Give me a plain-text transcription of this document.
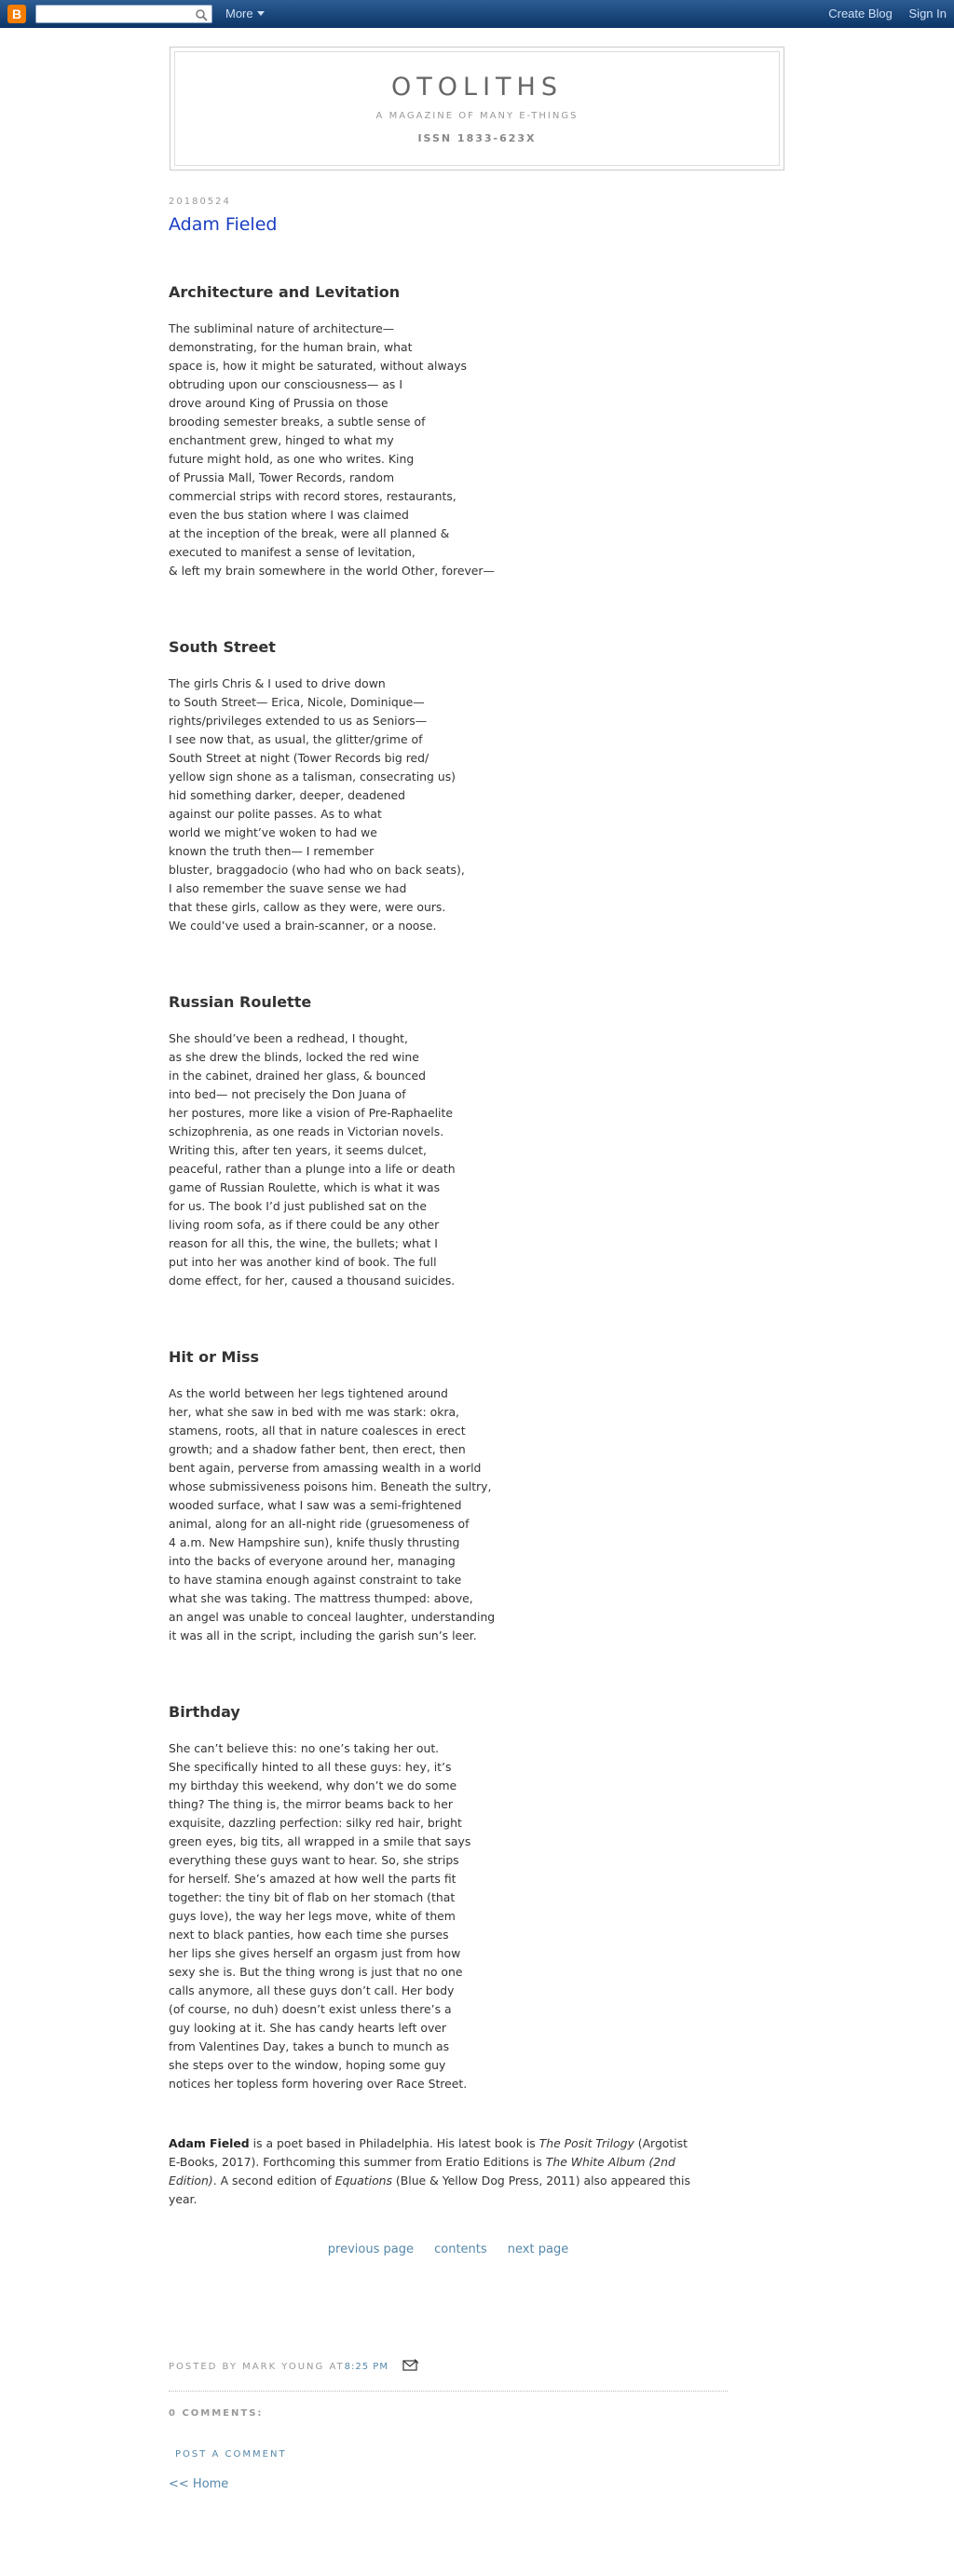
B	More	Create Blog Sign In
OTOLITHS
A MAGAZINE OF MANY E-THINGS
ISSN 1833-623X
20180524
Adam Fieled
Architecture and Levitation
The subliminal nature of architecture—
demonstrating, for the human brain, what
space is, how it might be saturated, without always
obtruding upon our consciousness— as I
drove around King of Prussia on those
brooding semester breaks, a subtle sense of
enchantment grew, hinged to what my
future might hold, as one who writes. King
of Prussia Mall, Tower Records, random
commercial strips with record stores, restaurants,
even the bus station where I was claimed
at the inception of the break, were all planned &
executed to manifest a sense of levitation,
& left my brain somewhere in the world Other, forever—
South Street
The girls Chris & I used to drive down
to South Street— Erica, Nicole, Dominique—
rights/privileges extended to us as Seniors—
I see now that, as usual, the glitter/grime of
South Street at night (Tower Records big red/
yellow sign shone as a talisman, consecrating us)
hid something darker, deeper, deadened
against our polite passes. As to what
world we might’ve woken to had we
known the truth then— I remember
bluster, braggadocio (who had who on back seats),
I also remember the suave sense we had
that these girls, callow as they were, were ours.
We could’ve used a brain-scanner, or a noose.
Russian Roulette
She should’ve been a redhead, I thought,
as she drew the blinds, locked the red wine
in the cabinet, drained her glass, & bounced
into bed— not precisely the Don Juana of
her postures, more like a vision of Pre-Raphaelite
schizophrenia, as one reads in Victorian novels.
Writing this, after ten years, it seems dulcet,
peaceful, rather than a plunge into a life or death
game of Russian Roulette, which is what it was
for us. The book I’d just published sat on the
living room sofa, as if there could be any other
reason for all this, the wine, the bullets; what I
put into her was another kind of book. The full
dome effect, for her, caused a thousand suicides.
Hit or Miss
As the world between her legs tightened around
her, what she saw in bed with me was stark: okra,
stamens, roots, all that in nature coalesces in erect
growth; and a shadow father bent, then erect, then
bent again, perverse from amassing wealth in a world
whose submissiveness poisons him. Beneath the sultry,
wooded surface, what I saw was a semi-frightened
animal, along for an all-night ride (gruesomeness of
4 a.m. New Hampshire sun), knife thusly thrusting
into the backs of everyone around her, managing
to have stamina enough against constraint to take
what she was taking. The mattress thumped: above,
an angel was unable to conceal laughter, understanding
it was all in the script, including the garish sun’s leer.
Birthday
She can’t believe this: no one’s taking her out.
She specifically hinted to all these guys: hey, it’s
my birthday this weekend, why don’t we do some
thing? The thing is, the mirror beams back to her
exquisite, dazzling perfection: silky red hair, bright
green eyes, big tits, all wrapped in a smile that says
everything these guys want to hear. So, she strips
for herself. She’s amazed at how well the parts fit
together: the tiny bit of flab on her stomach (that
guys love), the way her legs move, white of them
next to black panties, how each time she purses
her lips she gives herself an orgasm just from how
sexy she is. But the thing wrong is just that no one
calls anymore, all these guys don’t call. Her body
(of course, no duh) doesn’t exist unless there’s a
guy looking at it. She has candy hearts left over
from Valentines Day, takes a bunch to munch as
she steps over to the window, hoping some guy
notices her topless form hovering over Race Street.
Adam Fieled is a poet based in Philadelphia. His latest book is The Posit Trilogy (Argotist E-Books, 2017). Forthcoming this summer from Eratio Editions is The White Album (2nd Edition). A second edition of Equations (Blue & Yellow Dog Press, 2011) also appeared this year.
previous page contents next page
POSTED BY MARK YOUNG AT8:25 PM
0 COMMENTS:
POST A COMMENT
<< Home
